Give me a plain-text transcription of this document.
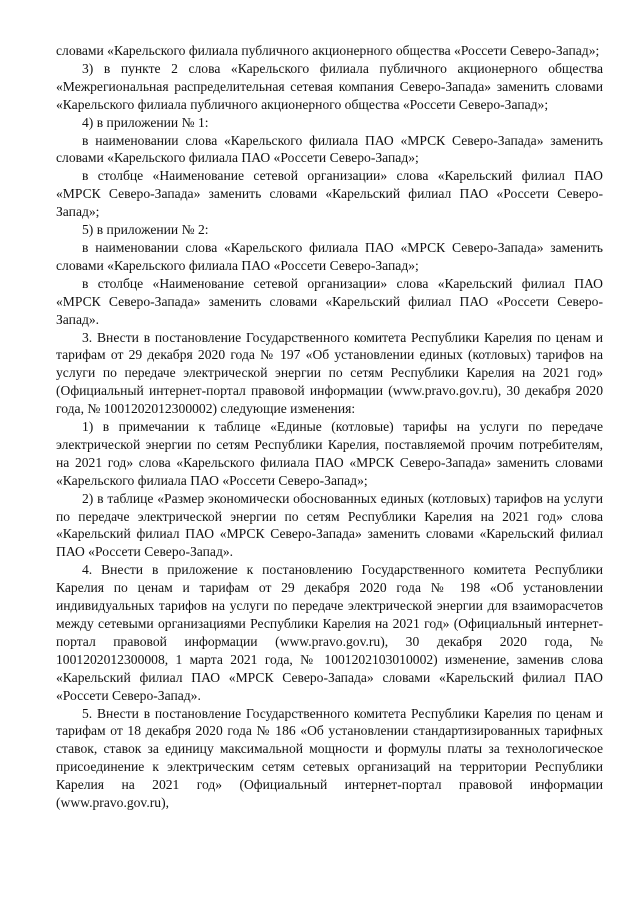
словами «Карельского филиала публичного акционерного общества «Россети Северо-Запад»;

3) в пункте 2 слова «Карельского филиала публичного акционерного общества «Межрегиональная распределительная сетевая компания Северо-Запада» заменить словами «Карельского филиала публичного акционерного общества «Россети Северо-Запад»;

4) в приложении № 1:

в наименовании слова «Карельского филиала ПАО «МРСК Северо-Запада» заменить словами «Карельского филиала ПАО «Россети Северо-Запад»;

в столбце «Наименование сетевой организации» слова «Карельский филиал ПАО «МРСК Северо-Запада» заменить словами «Карельский филиал ПАО «Россети Северо-Запад»;

5) в приложении № 2:

в наименовании слова «Карельского филиала ПАО «МРСК Северо-Запада» заменить словами «Карельского филиала ПАО «Россети Северо-Запад»;

в столбце «Наименование сетевой организации» слова «Карельский филиал ПАО «МРСК Северо-Запада» заменить словами «Карельский филиал ПАО «Россети Северо-Запад».

3. Внести в постановление Государственного комитета Республики Карелия по ценам и тарифам от 29 декабря 2020 года № 197 «Об установлении единых (котловых) тарифов на услуги по передаче электрической энергии по сетям Республики Карелия на 2021 год» (Официальный интернет-портал правовой информации (www.pravo.gov.ru), 30 декабря 2020 года, № 1001202012300002) следующие изменения:

1) в примечании к таблице «Единые (котловые) тарифы на услуги по передаче электрической энергии по сетям Республики Карелия, поставляемой прочим потребителям, на 2021 год» слова «Карельского филиала ПАО «МРСК Северо-Запада» заменить словами «Карельского филиала ПАО «Россети Северо-Запад»;

2) в таблице «Размер экономически обоснованных единых (котловых) тарифов на услуги по передаче электрической энергии по сетям Республики Карелия на 2021 год» слова «Карельский филиал ПАО «МРСК Северо-Запада» заменить словами «Карельский филиал ПАО «Россети Северо-Запад».

4. Внести в приложение к постановлению Государственного комитета Республики Карелия по ценам и тарифам от 29 декабря 2020 года № 198 «Об установлении индивидуальных тарифов на услуги по передаче электрической энергии для взаиморасчетов между сетевыми организациями Республики Карелия на 2021 год» (Официальный интернет-портал правовой информации (www.pravo.gov.ru), 30 декабря 2020 года, № 1001202012300008, 1 марта 2021 года, № 1001202103010002) изменение, заменив слова «Карельский филиал ПАО «МРСК Северо-Запада» словами «Карельский филиал ПАО «Россети Северо-Запад».

5. Внести в постановление Государственного комитета Республики Карелия по ценам и тарифам от 18 декабря 2020 года № 186 «Об установлении стандартизированных тарифных ставок, ставок за единицу максимальной мощности и формулы платы за технологическое присоединение к электрическим сетям сетевых организаций на территории Республики Карелия на 2021 год» (Официальный интернет-портал правовой информации (www.pravo.gov.ru),
